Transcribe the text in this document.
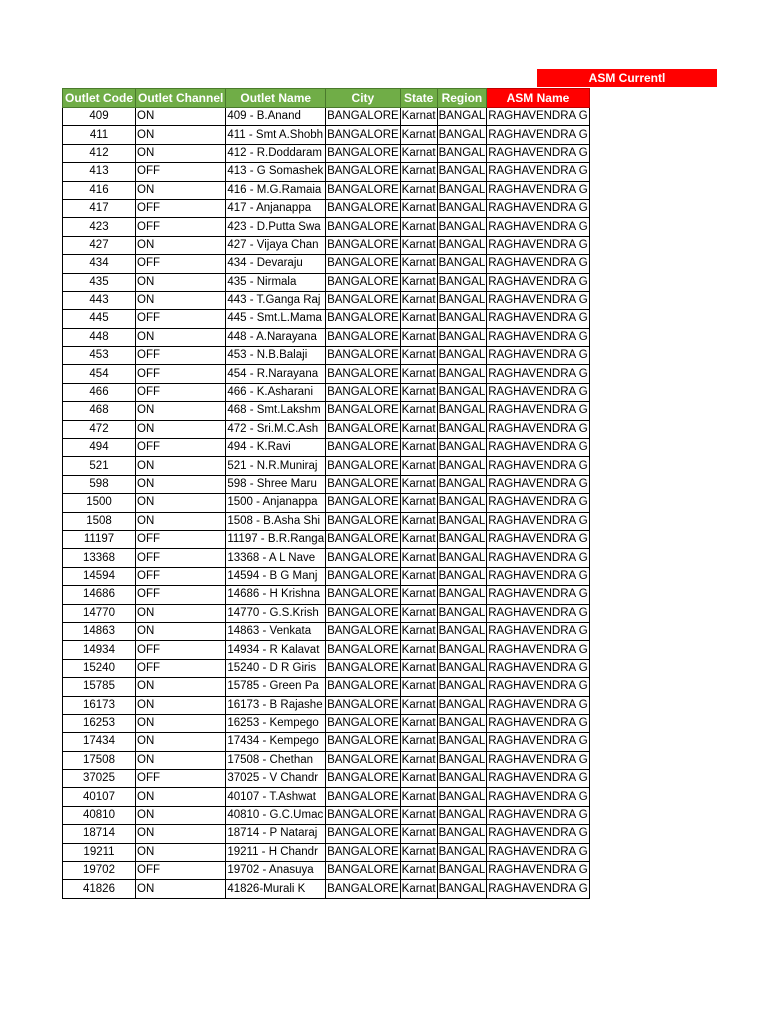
ASM Currentl
Outlet Code	Outlet Channel	Outlet Name	City	State	Region	ASM Name
409	ON	409 - B.Anand	BANGALORE	Karnat	BANGAL	RAGHAVENDRA G
411	ON	411 - Smt A.Shobh	BANGALORE	Karnat	BANGAL	RAGHAVENDRA G
412	ON	412 - R.Doddaram	BANGALORE	Karnat	BANGAL	RAGHAVENDRA G
413	OFF	413 - G Somashek	BANGALORE	Karnat	BANGAL	RAGHAVENDRA G
416	ON	416 - M.G.Ramaia	BANGALORE	Karnat	BANGAL	RAGHAVENDRA G
417	OFF	417 - Anjanappa	BANGALORE	Karnat	BANGAL	RAGHAVENDRA G
423	OFF	423 - D.Putta Swa	BANGALORE	Karnat	BANGAL	RAGHAVENDRA G
427	ON	427 - Vijaya Chan	BANGALORE	Karnat	BANGAL	RAGHAVENDRA G
434	OFF	434 - Devaraju	BANGALORE	Karnat	BANGAL	RAGHAVENDRA G
435	ON	435 - Nirmala	BANGALORE	Karnat	BANGAL	RAGHAVENDRA G
443	ON	443 - T.Ganga Raj	BANGALORE	Karnat	BANGAL	RAGHAVENDRA G
445	OFF	445 - Smt.L.Mama	BANGALORE	Karnat	BANGAL	RAGHAVENDRA G
448	ON	448 - A.Narayana	BANGALORE	Karnat	BANGAL	RAGHAVENDRA G
453	OFF	453 - N.B.Balaji	BANGALORE	Karnat	BANGAL	RAGHAVENDRA G
454	OFF	454 - R.Narayana	BANGALORE	Karnat	BANGAL	RAGHAVENDRA G
466	OFF	466 - K.Asharani	BANGALORE	Karnat	BANGAL	RAGHAVENDRA G
468	ON	468 - Smt.Lakshm	BANGALORE	Karnat	BANGAL	RAGHAVENDRA G
472	ON	472 - Sri.M.C.Ash	BANGALORE	Karnat	BANGAL	RAGHAVENDRA G
494	OFF	494 - K.Ravi	BANGALORE	Karnat	BANGAL	RAGHAVENDRA G
521	ON	521 - N.R.Muniraj	BANGALORE	Karnat	BANGAL	RAGHAVENDRA G
598	ON	598 - Shree Maru	BANGALORE	Karnat	BANGAL	RAGHAVENDRA G
1500	ON	1500 - Anjanappa	BANGALORE	Karnat	BANGAL	RAGHAVENDRA G
1508	ON	1508 - B.Asha Shi	BANGALORE	Karnat	BANGAL	RAGHAVENDRA G
11197	OFF	11197 - B.R.Ranga	BANGALORE	Karnat	BANGAL	RAGHAVENDRA G
13368	OFF	13368 - A L Nave	BANGALORE	Karnat	BANGAL	RAGHAVENDRA G
14594	OFF	14594 - B G Manj	BANGALORE	Karnat	BANGAL	RAGHAVENDRA G
14686	OFF	14686 - H Krishna	BANGALORE	Karnat	BANGAL	RAGHAVENDRA G
14770	ON	14770 - G.S.Krish	BANGALORE	Karnat	BANGAL	RAGHAVENDRA G
14863	ON	14863 - Venkata	BANGALORE	Karnat	BANGAL	RAGHAVENDRA G
14934	OFF	14934 - R Kalavat	BANGALORE	Karnat	BANGAL	RAGHAVENDRA G
15240	OFF	15240 - D R Giris	BANGALORE	Karnat	BANGAL	RAGHAVENDRA G
15785	ON	15785 - Green Pa	BANGALORE	Karnat	BANGAL	RAGHAVENDRA G
16173	ON	16173 - B Rajashe	BANGALORE	Karnat	BANGAL	RAGHAVENDRA G
16253	ON	16253 - Kempego	BANGALORE	Karnat	BANGAL	RAGHAVENDRA G
17434	ON	17434 - Kempego	BANGALORE	Karnat	BANGAL	RAGHAVENDRA G
17508	ON	17508 - Chethan	BANGALORE	Karnat	BANGAL	RAGHAVENDRA G
37025	OFF	37025 - V Chandr	BANGALORE	Karnat	BANGAL	RAGHAVENDRA G
40107	ON	40107 - T.Ashwat	BANGALORE	Karnat	BANGAL	RAGHAVENDRA G
40810	ON	40810 - G.C.Umac	BANGALORE	Karnat	BANGAL	RAGHAVENDRA G
18714	ON	18714 - P Nataraj	BANGALORE	Karnat	BANGAL	RAGHAVENDRA G
19211	ON	19211 - H Chandr	BANGALORE	Karnat	BANGAL	RAGHAVENDRA G
19702	OFF	19702 - Anasuya	BANGALORE	Karnat	BANGAL	RAGHAVENDRA G
41826	ON	41826-Murali K	BANGALORE	Karnat	BANGAL	RAGHAVENDRA G
